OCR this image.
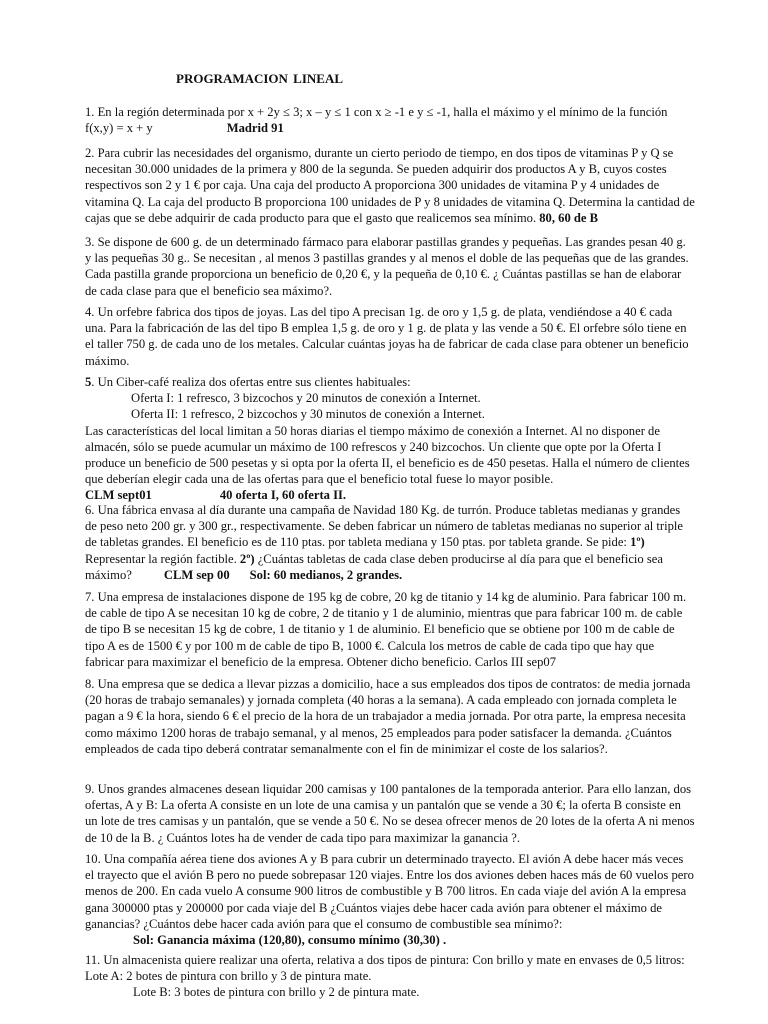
PROGRAMACION LINEAL

1. En la región determinada por x + 2y ≤ 3; x – y ≤ 1 con x ≥ -1 e y ≤ -1, halla el máximo y el mínimo de la función f(x,y) = x + y	Madrid 91

2. Para cubrir las necesidades del organismo, durante un cierto periodo de tiempo, en dos tipos de vitaminas P y Q se necesitan 30.000 unidades de la primera y 800 de la segunda. Se pueden adquirir dos productos A y B, cuyos costes respectivos son 2 y 1 € por caja. Una caja del producto A proporciona 300 unidades de vitamina P y 4 unidades de vitamina Q. La caja del producto B proporciona 100 unidades de P y 8 unidades de vitamina Q. Determina la cantidad de cajas que se debe adquirir de cada producto para que el gasto que realicemos sea mínimo. 80, 60 de B

3. Se dispone de 600 g. de un determinado fármaco para elaborar pastillas grandes y pequeñas. Las grandes pesan 40 g. y las pequeñas 30 g.. Se necesitan , al menos 3 pastillas grandes y al menos el doble de las pequeñas que de las grandes. Cada pastilla grande proporciona un beneficio de 0,20 €, y la pequeña de 0,10 €. ¿ Cuántas pastillas se han de elaborar de cada clase para que el beneficio sea máximo?.

4. Un orfebre fabrica dos tipos de joyas. Las del tipo A precisan 1g. de oro y 1,5 g. de plata, vendiéndose a 40 € cada una. Para la fabricación de las del tipo B emplea 1,5 g. de oro y 1 g. de plata y las vende a 50 €. El orfebre sólo tiene en el taller 750 g. de cada uno de los metales. Calcular cuántas joyas ha de fabricar de cada clase para obtener un beneficio máximo.

5. Un Ciber-café realiza dos ofertas entre sus clientes habituales:

Oferta I: 1 refresco, 3 bizcochos y 20 minutos de conexión a Internet.

Oferta II: 1 refresco, 2 bizcochos y 30 minutos de conexión a Internet.

Las características del local limitan a 50 horas diarias el tiempo máximo de conexión a Internet. Al no disponer de almacén, sólo se puede acumular un máximo de 100 refrescos y 240 bizcochos. Un cliente que opte por la Oferta I produce un beneficio de 500 pesetas y si opta por la oferta II, el beneficio es de 450 pesetas. Halla el número de clientes que deberían elegir cada una de las ofertas para que el beneficio total fuese lo mayor posible.

CLM sept01	40 oferta I, 60 oferta II.

6. Una fábrica envasa al día durante una campaña de Navidad 180 Kg. de turrón. Produce tabletas medianas y grandes de peso neto 200 gr. y 300 gr., respectivamente. Se deben fabricar un número de tabletas medianas no superior al triple de tabletas grandes. El beneficio es de 110 ptas. por tableta mediana y 150 ptas. por tableta grande. Se pide: 1º) Representar la región factible. 2º) ¿Cuántas tabletas de cada clase deben producirse al día para que el beneficio sea máximo?	CLM sep 00 Sol: 60 medianos, 2 grandes.

7. Una empresa de instalaciones dispone de 195 kg de cobre, 20 kg de titanio y 14 kg de aluminio. Para fabricar 100 m. de cable de tipo A se necesitan 10 kg de cobre, 2 de titanio y 1 de aluminio, mientras que para fabricar 100 m. de cable de tipo B se necesitan 15 kg de cobre, 1 de titanio y 1 de aluminio. El beneficio que se obtiene por 100 m de cable de tipo A es de 1500 € y por 100 m de cable de tipo B, 1000 €. Calcula los metros de cable de cada tipo que hay que fabricar para maximizar el beneficio de la empresa. Obtener dicho beneficio. Carlos III sep07

8. Una empresa que se dedica a llevar pizzas a domicilio, hace a sus empleados dos tipos de contratos: de media jornada (20 horas de trabajo semanales) y jornada completa (40 horas a la semana). A cada empleado con jornada completa le pagan a 9 € la hora, siendo 6 € el precio de la hora de un trabajador a media jornada. Por otra parte, la empresa necesita como máximo 1200 horas de trabajo semanal, y al menos, 25 empleados para poder satisfacer la demanda. ¿Cuántos empleados de cada tipo deberá contratar semanalmente con el fin de minimizar el coste de los salarios?.

9. Unos grandes almacenes desean liquidar 200 camisas y 100 pantalones de la temporada anterior. Para ello lanzan, dos ofertas, A y B: La oferta A consiste en un lote de una camisa y un pantalón que se vende a 30 €; la oferta B consiste en un lote de tres camisas y un pantalón, que se vende a 50 €. No se desea ofrecer menos de 20 lotes de la oferta A ni menos de 10 de la B. ¿ Cuántos lotes ha de vender de cada tipo para maximizar la ganancia ?.

10. Una compañía aérea tiene dos aviones A y B para cubrir un determinado trayecto. El avión A debe hacer más veces el trayecto que el avión B pero no puede sobrepasar 120 viajes. Entre los dos aviones deben haces más de 60 vuelos pero menos de 200. En cada vuelo A consume 900 litros de combustible y B 700 litros. En cada viaje del avión A la empresa gana 300000 ptas y 200000 por cada viaje del B ¿Cuántos viajes debe hacer cada avión para obtener el máximo de ganancias? ¿Cuántos debe hacer cada avión para que el consumo de combustible sea mínimo?:

Sol: Ganancia máxima (120,80), consumo mínimo (30,30) .

11. Un almacenista quiere realizar una oferta, relativa a dos tipos de pintura: Con brillo y mate en envases de 0,5 litros: Lote A: 2 botes de pintura con brillo y 3 de pintura mate.

Lote B: 3 botes de pintura con brillo y 2 de pintura mate.
